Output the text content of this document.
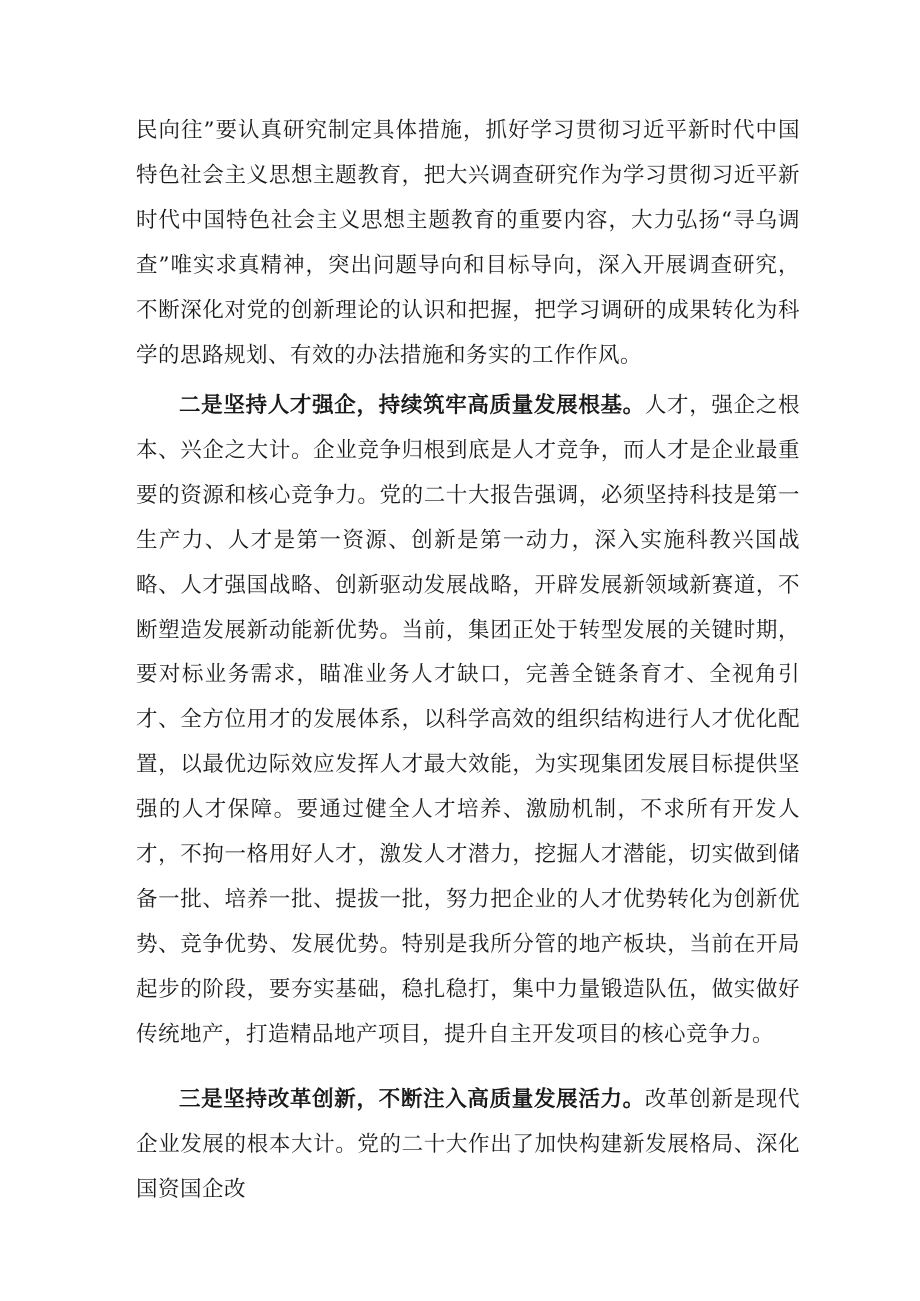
民向往”要认真研究制定具体措施，抓好学习贯彻习近平新时代中国特色社会主义思想主题教育，把大兴调查研究作为学习贯彻习近平新时代中国特色社会主义思想主题教育的重要内容，大力弘扬“寻乌调查”唯实求真精神，突出问题导向和目标导向，深入开展调查研究，不断深化对党的创新理论的认识和把握，把学习调研的成果转化为科学的思路规划、有效的办法措施和务实的工作作风。

二是坚持人才强企，持续筑牢高质量发展根基。人才，强企之根本、兴企之大计。企业竞争归根到底是人才竞争，而人才是企业最重要的资源和核心竞争力。党的二十大报告强调，必须坚持科技是第一生产力、人才是第一资源、创新是第一动力，深入实施科教兴国战略、人才强国战略、创新驱动发展战略，开辟发展新领域新赛道，不断塑造发展新动能新优势。当前，集团正处于转型发展的关键时期，要对标业务需求，瞄准业务人才缺口，完善全链条育才、全视角引才、全方位用才的发展体系，以科学高效的组织结构进行人才优化配置，以最优边际效应发挥人才最大效能，为实现集团发展目标提供坚强的人才保障。要通过健全人才培养、激励机制，不求所有开发人才，不拘一格用好人才，激发人才潜力，挖掘人才潜能，切实做到储备一批、培养一批、提拔一批，努力把企业的人才优势转化为创新优势、竞争优势、发展优势。特别是我所分管的地产板块，当前在开局起步的阶段，要夯实基础，稳扎稳打，集中力量锻造队伍，做实做好传统地产，打造精品地产项目，提升自主开发项目的核心竞争力。

三是坚持改革创新，不断注入高质量发展活力。改革创新是现代企业发展的根本大计。党的二十大作出了加快构建新发展格局、深化国资国企改
